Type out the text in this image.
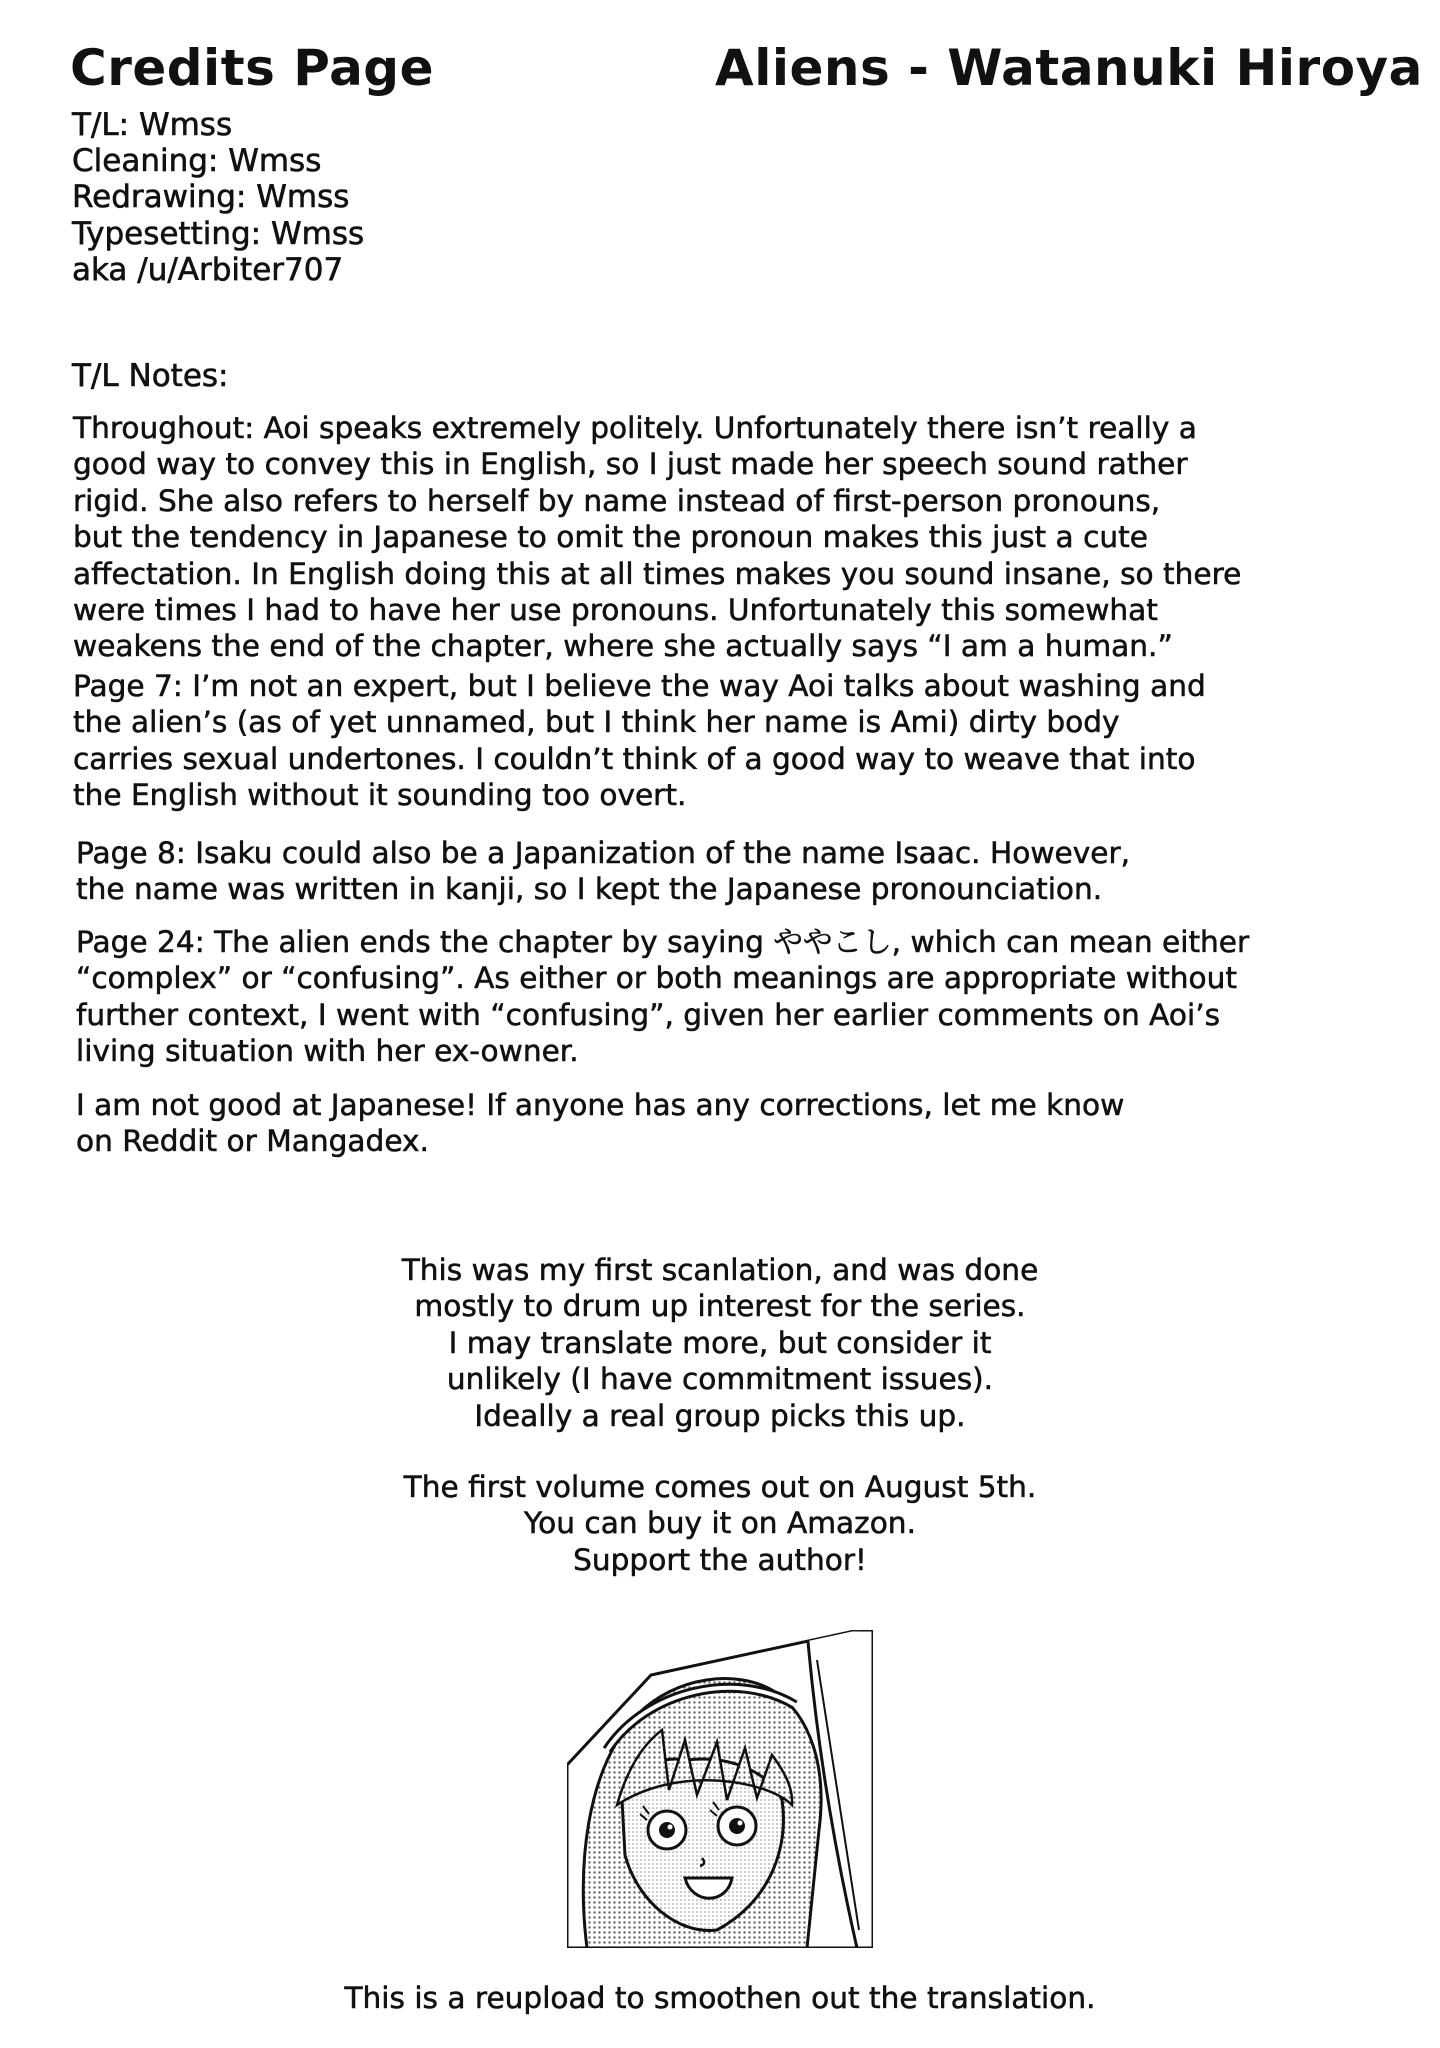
Credits Page	Aliens - Watanuki Hiroya
T/L: Wmss
Cleaning: Wmss
Redrawing: Wmss
Typesetting: Wmss
aka /u/Arbiter707
T/L Notes:

Throughout: Aoi speaks extremely politely. Unfortunately there isn’t really a
good way to convey this in English, so I just made her speech sound rather
rigid. She also refers to herself by name instead of first-person pronouns,
but the tendency in Japanese to omit the pronoun makes this just a cute
affectation. In English doing this at all times makes you sound insane, so there
were times I had to have her use pronouns. Unfortunately this somewhat
weakens the end of the chapter, where she actually says “I am a human.”

Page 7: I’m not an expert, but I believe the way Aoi talks about washing and
the alien’s (as of yet unnamed, but I think her name is Ami) dirty body
carries sexual undertones. I couldn’t think of a good way to weave that into
the English without it sounding too overt.

Page 8: Isaku could also be a Japanization of the name Isaac. However,
the name was written in kanji, so I kept the Japanese pronounciation.

Page 24: The alien ends the chapter by saying ややこし, which can mean either
“complex” or “confusing”. As either or both meanings are appropriate without
further context, I went with “confusing”, given her earlier comments on Aoi’s
living situation with her ex-owner.

I am not good at Japanese! If anyone has any corrections, let me know
on Reddit or Mangadex.

This was my first scanlation, and was done
mostly to drum up interest for the series.
I may translate more, but consider it
unlikely (I have commitment issues).
Ideally a real group picks this up.

The first volume comes out on August 5th.
You can buy it on Amazon.
Support the author!

This is a reupload to smoothen out the translation.
